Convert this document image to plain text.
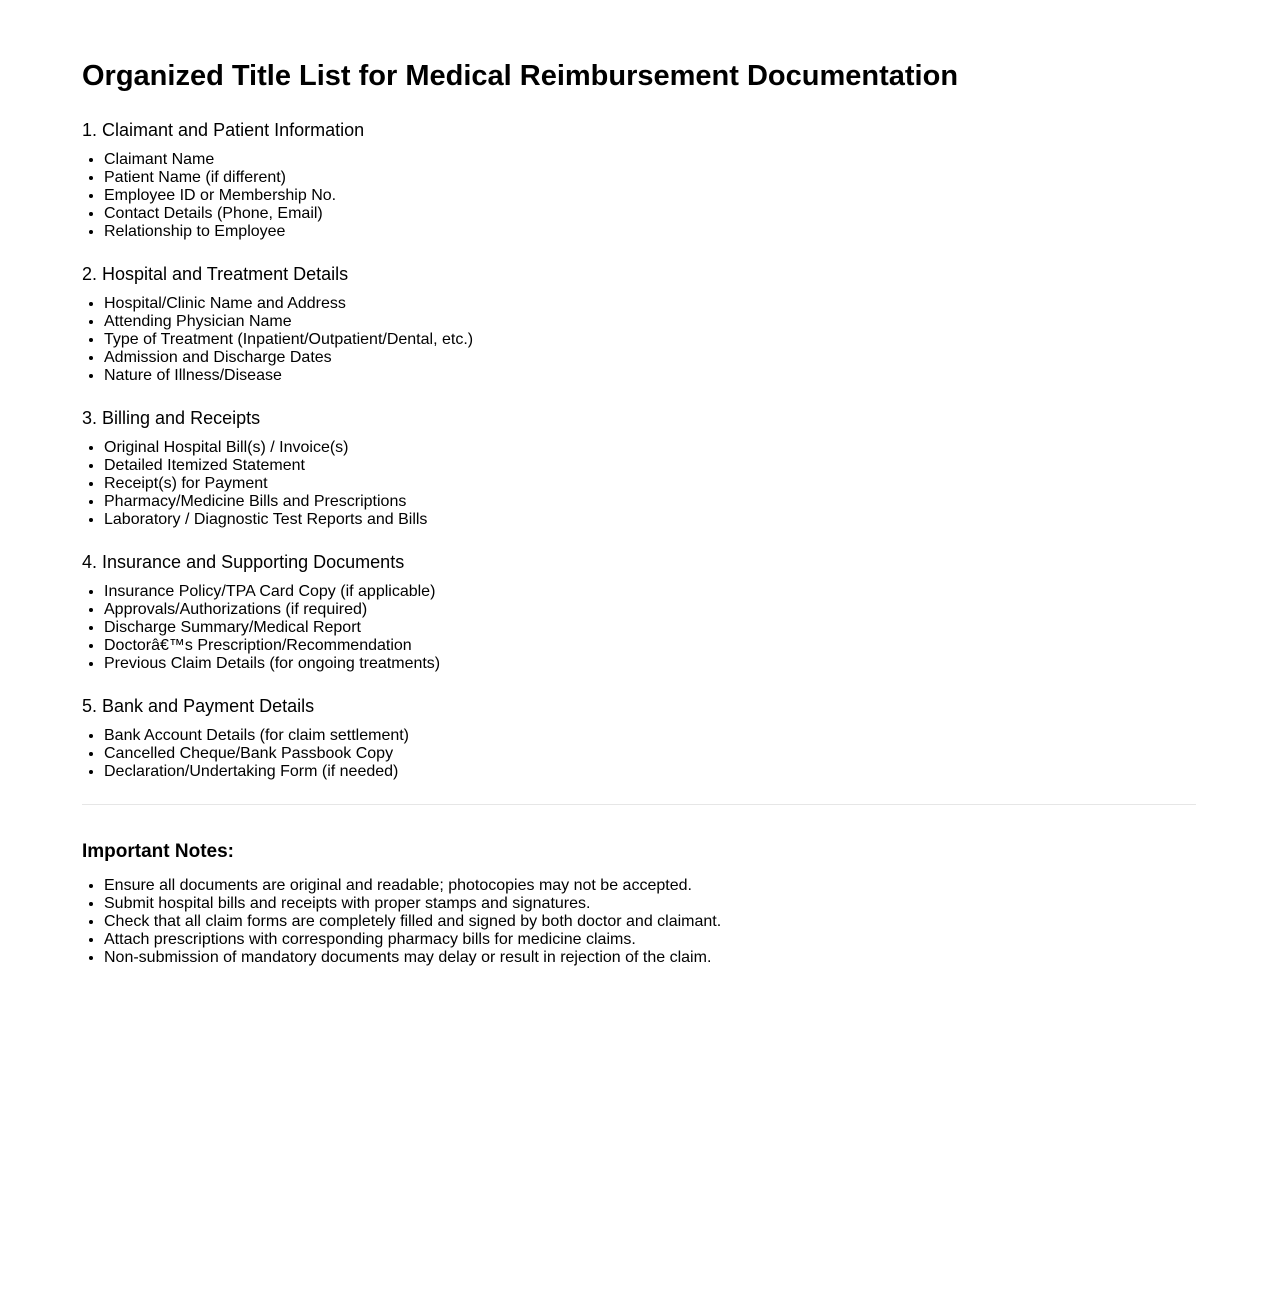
Organized Title List for Medical Reimbursement Documentation
1. Claimant and Patient Information
• Claimant Name
• Patient Name (if different)
• Employee ID or Membership No.
• Contact Details (Phone, Email)
• Relationship to Employee
2. Hospital and Treatment Details
• Hospital/Clinic Name and Address
• Attending Physician Name
• Type of Treatment (Inpatient/Outpatient/Dental, etc.)
• Admission and Discharge Dates
• Nature of Illness/Disease
3. Billing and Receipts
• Original Hospital Bill(s) / Invoice(s)
• Detailed Itemized Statement
• Receipt(s) for Payment
• Pharmacy/Medicine Bills and Prescriptions
• Laboratory / Diagnostic Test Reports and Bills
4. Insurance and Supporting Documents
• Insurance Policy/TPA Card Copy (if applicable)
• Approvals/Authorizations (if required)
• Discharge Summary/Medical Report
• Doctorâ€™s Prescription/Recommendation
• Previous Claim Details (for ongoing treatments)
5. Bank and Payment Details
• Bank Account Details (for claim settlement)
• Cancelled Cheque/Bank Passbook Copy
• Declaration/Undertaking Form (if needed)
Important Notes:
• Ensure all documents are original and readable; photocopies may not be accepted.
• Submit hospital bills and receipts with proper stamps and signatures.
• Check that all claim forms are completely filled and signed by both doctor and claimant.
• Attach prescriptions with corresponding pharmacy bills for medicine claims.
• Non-submission of mandatory documents may delay or result in rejection of the claim.
